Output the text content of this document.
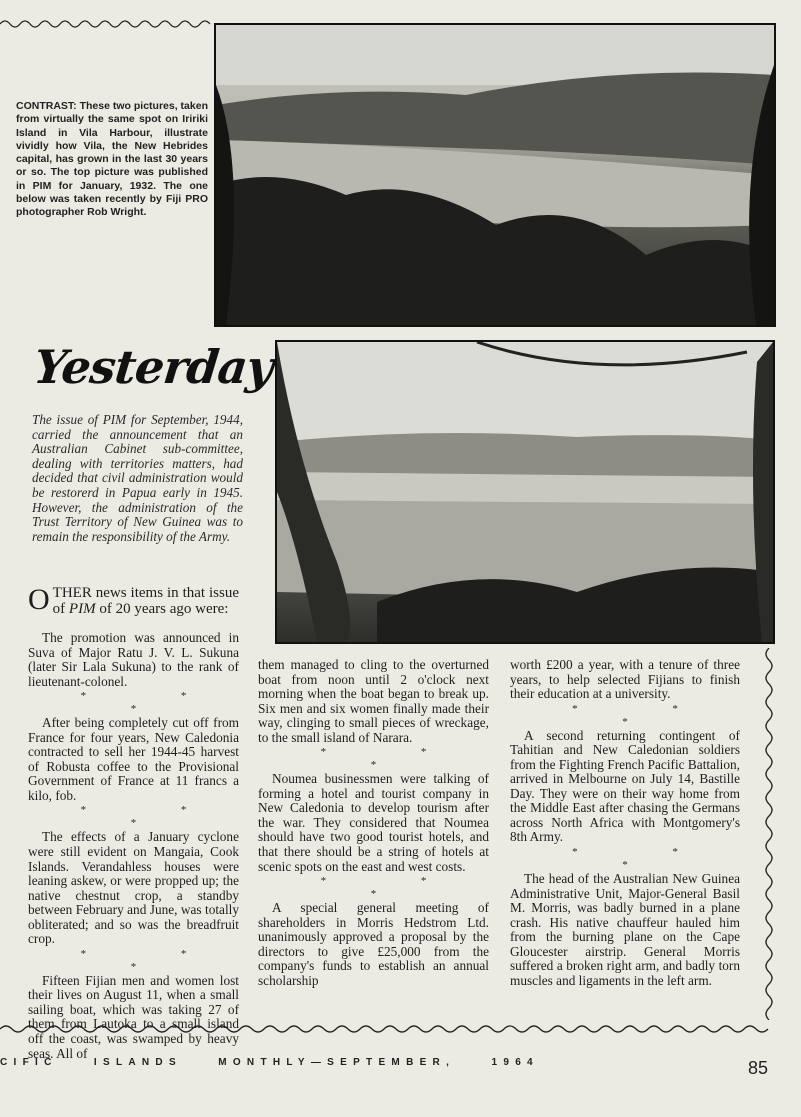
CONTRAST: These two pictures, taken from virtually the same spot on Iririki Island in Vila Harbour, illustrate vividly how Vila, the New Hebrides capital, has grown in the last 30 years or so. The top picture was published in PIM for January, 1932. The one below was taken recently by Fiji PRO photographer Rob Wright.
Yesterday
The issue of PIM for September, 1944, carried the announcement that an Australian Cabinet sub-committee, dealing with territories matters, had decided that civil administration would be restorerd in Papua early in 1945. However, the administration of the Trust Territory of New Guinea was to remain the responsibility of the Army.

OTHER news items in that issue of PIM of 20 years ago were:

The promotion was announced in Suva of Major Ratu J. V. L. Sukuna (later Sir Lala Sukuna) to the rank of lieutenant-colonel.

* * *

After being completely cut off from France for four years, New Caledonia contracted to sell her 1944-45 harvest of Robusta coffee to the Provisional Government of France at 11 francs a kilo, fob.

* * *

The effects of a January cyclone were still evident on Mangaia, Cook Islands. Verandahless houses were leaning askew, or were propped up; the native chestnut crop, a standby between February and June, was totally obliterated; and so was the breadfruit crop.

* * *

Fifteen Fijian men and women lost their lives on August 11, when a small sailing boat, which was taking 27 of them from Lautoka to a small island off the coast, was swamped by heavy seas. All of

them managed to cling to the overturned boat from noon until 2 o'clock next morning when the boat began to break up. Six men and six women finally made their way, clinging to small pieces of wreckage, to the small island of Narara.

* * *

Noumea businessmen were talking of forming a hotel and tourist company in New Caledonia to develop tourism after the war. They considered that Noumea should have two good tourist hotels, and that there should be a string of hotels at scenic spots on the east and west costs.

* * *

A special general meeting of shareholders in Morris Hedstrom Ltd. unanimously approved a proposal by the directors to give £25,000 from the company's funds to establish an annual scholarship

worth £200 a year, with a tenure of three years, to help selected Fijians to finish their education at a university.

* * *

A second returning contingent of Tahitian and New Caledonian soldiers from the Fighting French Pacific Battalion, arrived in Melbourne on July 14, Bastille Day. They were on their way home from the Middle East after chasing the Germans across North Africa with Montgomery's 8th Army.

* * *

The head of the Australian New Guinea Administrative Unit, Major-General Basil M. Morris, was badly burned in a plane crash. His native chauffeur hauled him from the burning plane on the Cape Gloucester airstrip. General Morris suffered a broken right arm, and badly torn muscles and ligaments in the left arm.

CIFIC    ISLANDS    MONTHLY—SEPTEMBER,    1964	85
